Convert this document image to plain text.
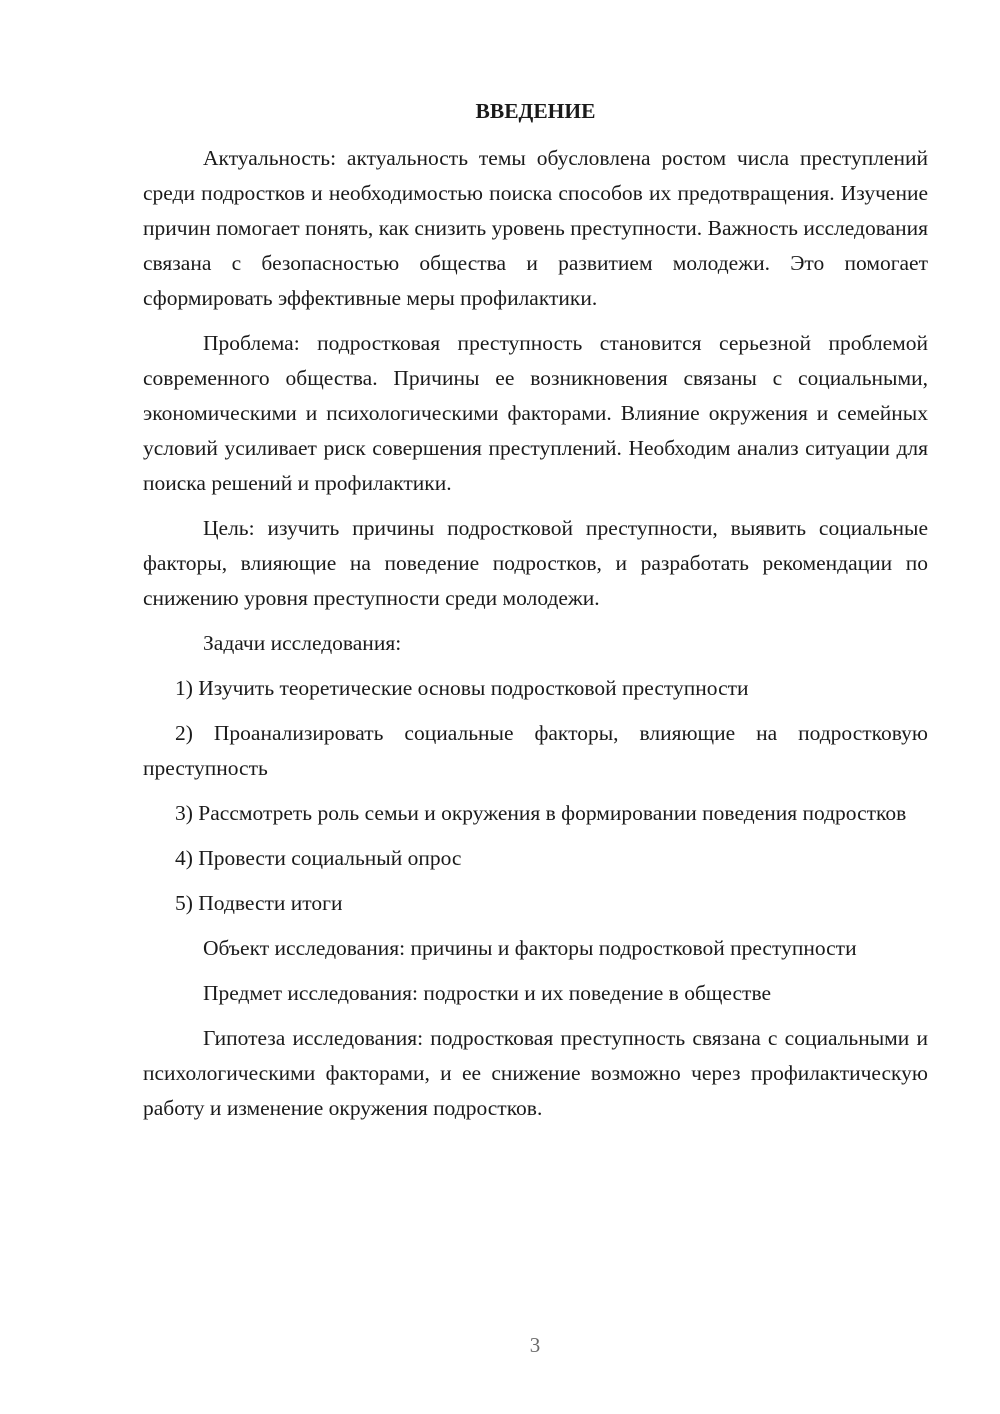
ВВЕДЕНИЕ

Актуальность: актуальность темы обусловлена ростом числа преступлений среди подростков и необходимостью поиска способов их предотвращения. Изучение причин помогает понять, как снизить уровень преступности. Важность исследования связана с безопасностью общества и развитием молодежи. Это помогает сформировать эффективные меры профилактики.

Проблема: подростковая преступность становится серьезной проблемой современного общества. Причины ее возникновения связаны с социальными, экономическими и психологическими факторами. Влияние окружения и семейных условий усиливает риск совершения преступлений. Необходим анализ ситуации для поиска решений и профилактики.

Цель: изучить причины подростковой преступности, выявить социальные факторы, влияющие на поведение подростков, и разработать рекомендации по снижению уровня преступности среди молодежи.

Задачи исследования:

1) Изучить теоретические основы подростковой преступности

2) Проанализировать социальные факторы, влияющие на подростковую преступность

3) Рассмотреть роль семьи и окружения в формировании поведения подростков

4) Провести социальный опрос

5) Подвести итоги

Объект исследования: причины и факторы подростковой преступности

Предмет исследования: подростки и их поведение в обществе

Гипотеза исследования: подростковая преступность связана с социальными и психологическими факторами, и ее снижение возможно через профилактическую работу и изменение окружения подростков.

3
